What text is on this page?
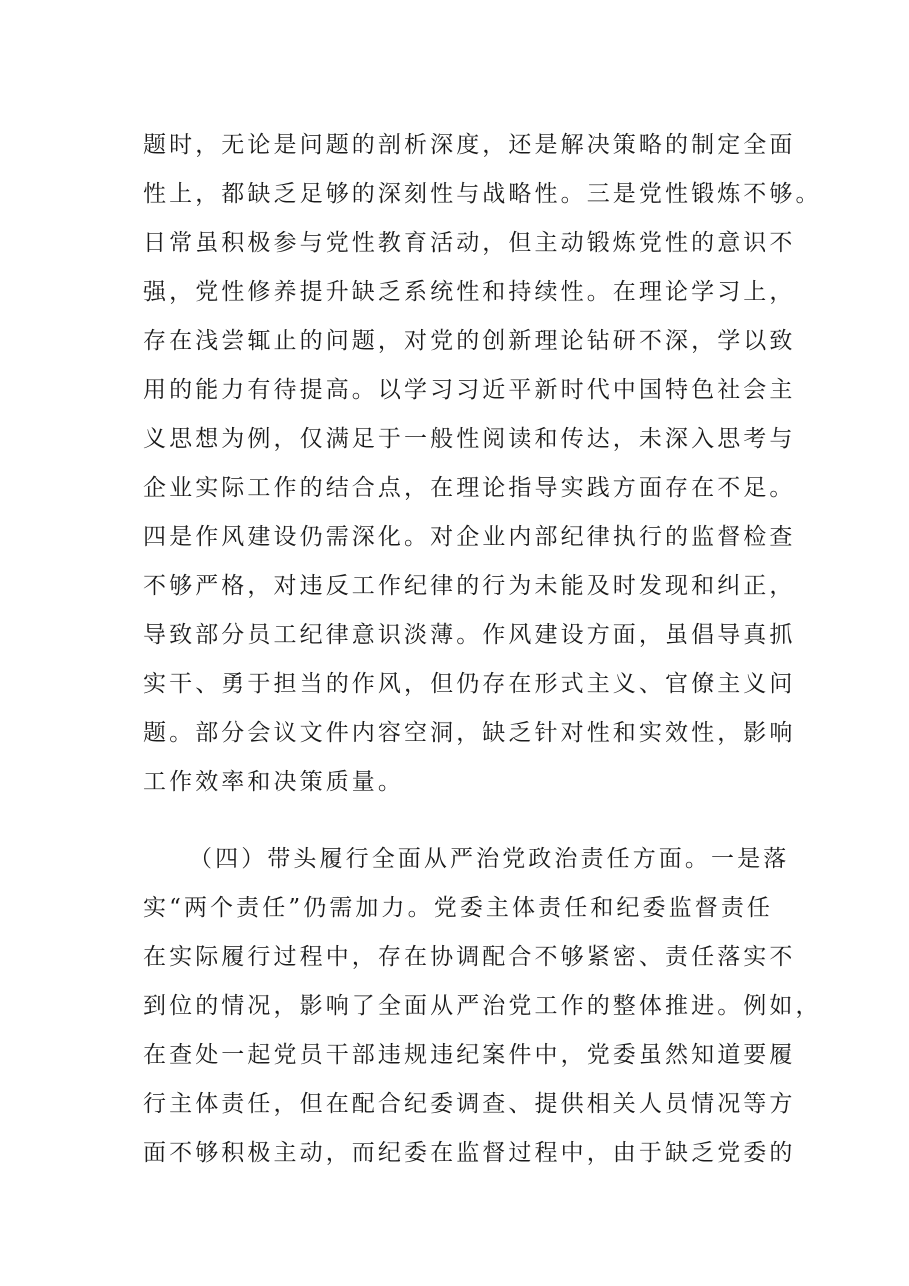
题时，无论是问题的剖析深度，还是解决策略的制定全面
性上，都缺乏足够的深刻性与战略性。三是党性锻炼不够。
日常虽积极参与党性教育活动，但主动锻炼党性的意识不
强，党性修养提升缺乏系统性和持续性。在理论学习上，
存在浅尝辄止的问题，对党的创新理论钻研不深，学以致
用的能力有待提高。以学习习近平新时代中国特色社会主
义思想为例，仅满足于一般性阅读和传达，未深入思考与
企业实际工作的结合点，在理论指导实践方面存在不足。
四是作风建设仍需深化。对企业内部纪律执行的监督检查
不够严格，对违反工作纪律的行为未能及时发现和纠正，
导致部分员工纪律意识淡薄。作风建设方面，虽倡导真抓
实干、勇于担当的作风，但仍存在形式主义、官僚主义问
题。部分会议文件内容空洞，缺乏针对性和实效性，影响
工作效率和决策质量。
（四）带头履行全面从严治党政治责任方面。一是落
实“两个责任”仍需加力。党委主体责任和纪委监督责任
在实际履行过程中，存在协调配合不够紧密、责任落实不
到位的情况，影响了全面从严治党工作的整体推进。例如，
在查处一起党员干部违规违纪案件中，党委虽然知道要履
行主体责任，但在配合纪委调查、提供相关人员情况等方
面不够积极主动，而纪委在监督过程中，由于缺乏党委的
